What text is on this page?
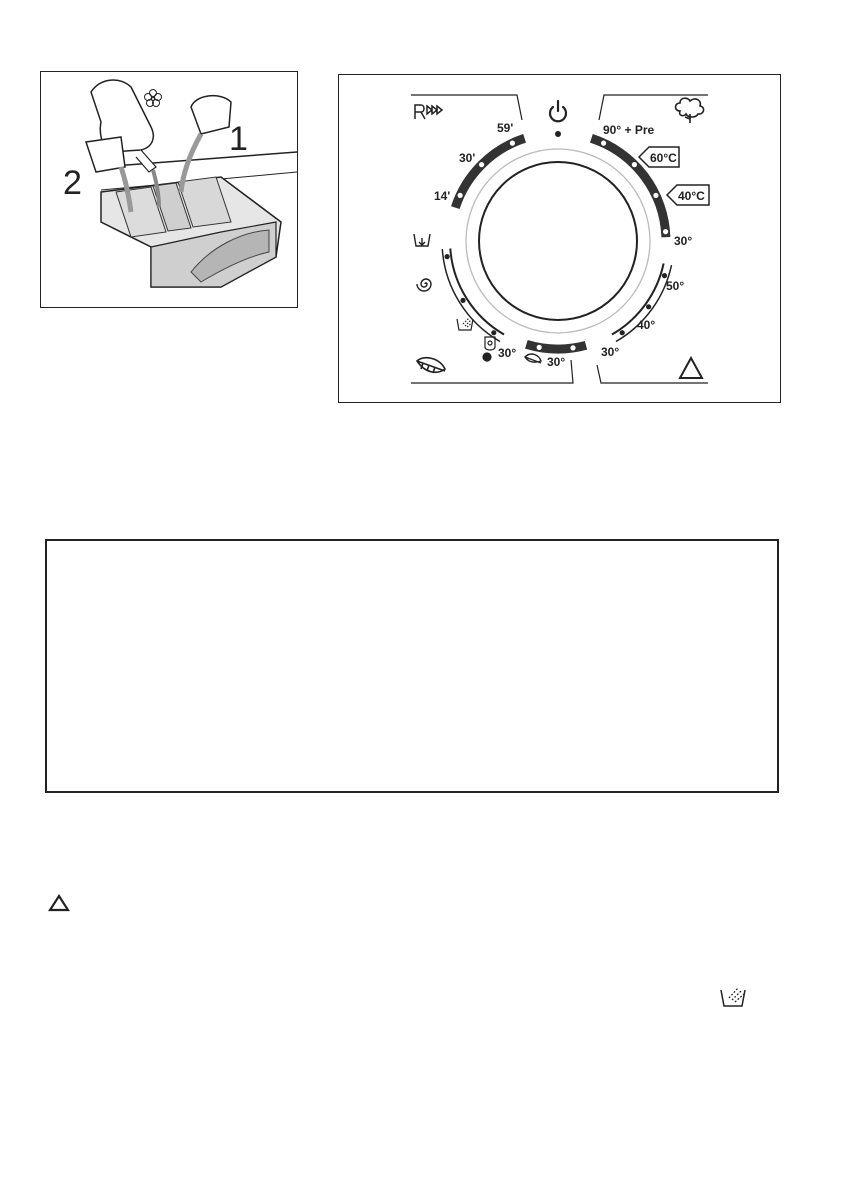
1
2
60°C
40°C
59'
30'
14'
90° + Pre
30°
50°
40°
30°
30°
30°
